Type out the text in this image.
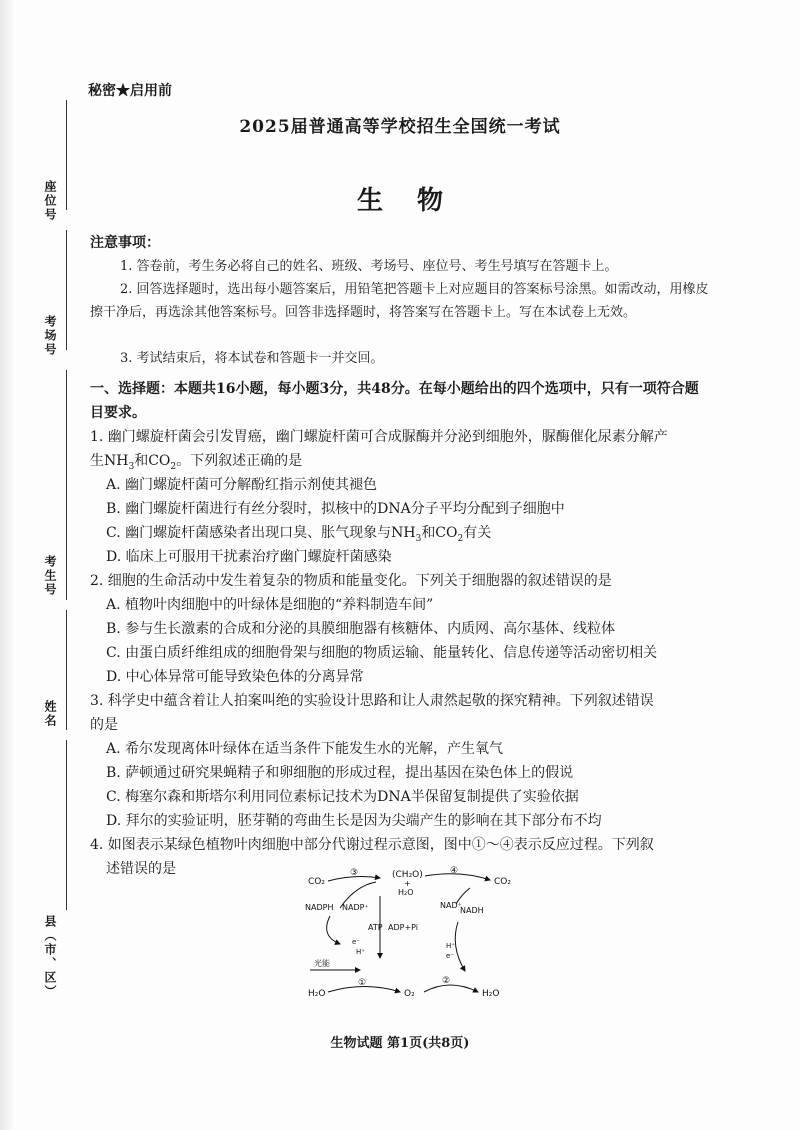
座位号
考场号
考生号
姓名
县（市、区）
秘密★启用前
2025届普通高等学校招生全国统一考试
生物
注意事项：
1. 答卷前，考生务必将自己的姓名、班级、考场号、座位号、考生号填写在答题卡上。
2. 回答选择题时，选出每小题答案后，用铅笔把答题卡上对应题目的答案标号涂黑。如需改动，用橡皮擦干净后，再选涂其他答案标号。回答非选择题时，将答案写在答题卡上。写在本试卷上无效。
3. 考试结束后，将本试卷和答题卡一并交回。
一、选择题：本题共16小题，每小题3分，共48分。在每小题给出的四个选项中，只有一项符合题目要求。
1. 幽门螺旋杆菌会引发胃癌，幽门螺旋杆菌可合成脲酶并分泌到细胞外，脲酶催化尿素分解产
生$NH_3$和$CO_2$。下列叙述正确的是
A. 幽门螺旋杆菌可分解酚红指示剂使其褪色
B. 幽门螺旋杆菌进行有丝分裂时，拟核中的DNA分子平均分配到子细胞中
C. 幽门螺旋杆菌感染者出现口臭、胀气现象与$NH_3$和$CO_2$有关
D. 临床上可服用干扰素治疗幽门螺旋杆菌感染
2. 细胞的生命活动中发生着复杂的物质和能量变化。下列关于细胞器的叙述错误的是
A. 植物叶肉细胞中的叶绿体是细胞的“养料制造车间”
B. 参与生长激素的合成和分泌的具膜细胞器有核糖体、内质网、高尔基体、线粒体
C. 由蛋白质纤维组成的细胞骨架与细胞的物质运输、能量转化、信息传递等活动密切相关
D. 中心体异常可能导致染色体的分离异常
3. 科学史中蕴含着让人拍案叫绝的实验设计思路和让人肃然起敬的探究精神。下列叙述错误
的是
A. 希尔发现离体叶绿体在适当条件下能发生水的光解，产生氧气
B. 萨顿通过研究果蝇精子和卵细胞的形成过程，提出基因在染色体上的假说
C. 梅塞尔森和斯塔尔利用同位素标记技术为DNA半保留复制提供了实验依据
D. 拜尔的实验证明，胚芽鞘的弯曲生长是因为尖端产生的影响在其下部分布不均
4. 如图表示某绿色植物叶肉细胞中部分代谢过程示意图，图中①～④表示反应过程。下列叙
述错误的是
CO₂
③	(CH₂O)
+
H₂O
④
CO₂
NADPH NADP⁺
ATP ADP+Pi
e⁻
H⁺
NAD⁺
NADH
H⁺
e⁻
光能
H₂O
①
O₂
②
H₂O
生物试题 第1页(共8页)
